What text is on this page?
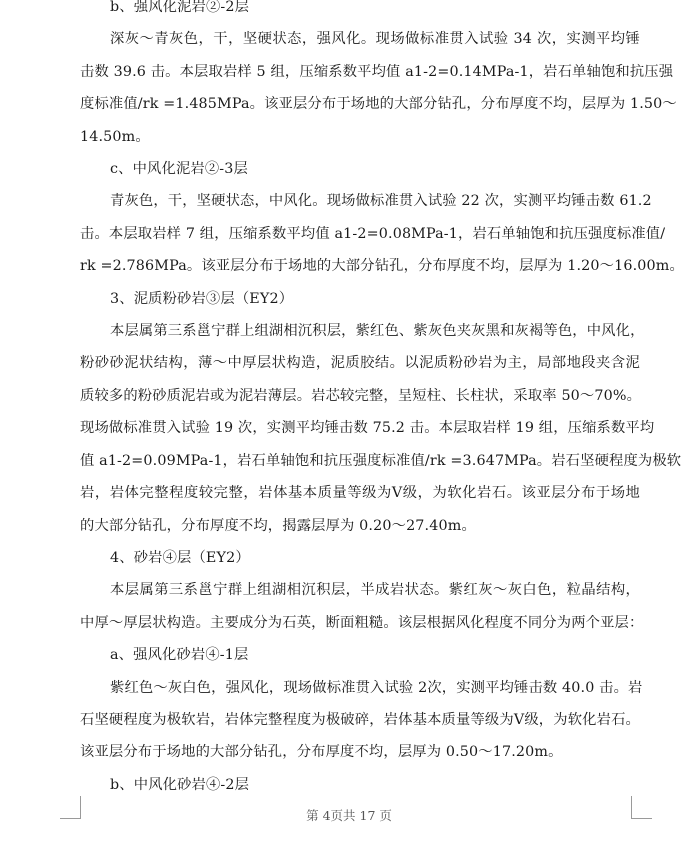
b、强风化泥岩②-2层
深灰～青灰色，干，坚硬状态，强风化。现场做标准贯入试验 34 次，实测平均锤
击数 39.6 击。本层取岩样 5 组，压缩系数平均值 a1-2=0.14MPa-1，岩石单轴饱和抗压强
度标准值/rk =1.485MPa。该亚层分布于场地的大部分钻孔，分布厚度不均，层厚为 1.50～
14.50m。
c、中风化泥岩②-3层
青灰色，干，坚硬状态，中风化。现场做标准贯入试验 22 次，实测平均锤击数 61.2
击。本层取岩样 7 组，压缩系数平均值 a1-2=0.08MPa-1，岩石单轴饱和抗压强度标准值/
rk =2.786MPa。该亚层分布于场地的大部分钻孔，分布厚度不均，层厚为 1.20～16.00m。
3、泥质粉砂岩③层（EY2）
本层属第三系邕宁群上组湖相沉积层，紫红色、紫灰色夹灰黑和灰褐等色，中风化，
粉砂砂泥状结构，薄～中厚层状构造，泥质胶结。以泥质粉砂岩为主，局部地段夹含泥
质较多的粉砂质泥岩或为泥岩薄层。岩芯较完整，呈短柱、长柱状，采取率 50～70%。
现场做标准贯入试验 19 次，实测平均锤击数 75.2 击。本层取岩样 19 组，压缩系数平均
值 a1-2=0.09MPa-1，岩石单轴饱和抗压强度标准值/rk =3.647MPa。岩石坚硬程度为极软
岩，岩体完整程度较完整，岩体基本质量等级为Ⅴ级，为软化岩石。该亚层分布于场地
的大部分钻孔，分布厚度不均，揭露层厚为 0.20～27.40m。
4、砂岩④层（EY2）
本层属第三系邕宁群上组湖相沉积层，半成岩状态。紫红灰～灰白色，粒晶结构，
中厚～厚层状构造。主要成分为石英，断面粗糙。该层根据风化程度不同分为两个亚层：
a、强风化砂岩④-1层
紫红色～灰白色，强风化，现场做标准贯入试验 2次，实测平均锤击数 40.0 击。岩
石坚硬程度为极软岩，岩体完整程度为极破碎，岩体基本质量等级为Ⅴ级，为软化岩石。
该亚层分布于场地的大部分钻孔，分布厚度不均，层厚为 0.50～17.20m。
b、中风化砂岩④-2层
第 4页共 17 页
